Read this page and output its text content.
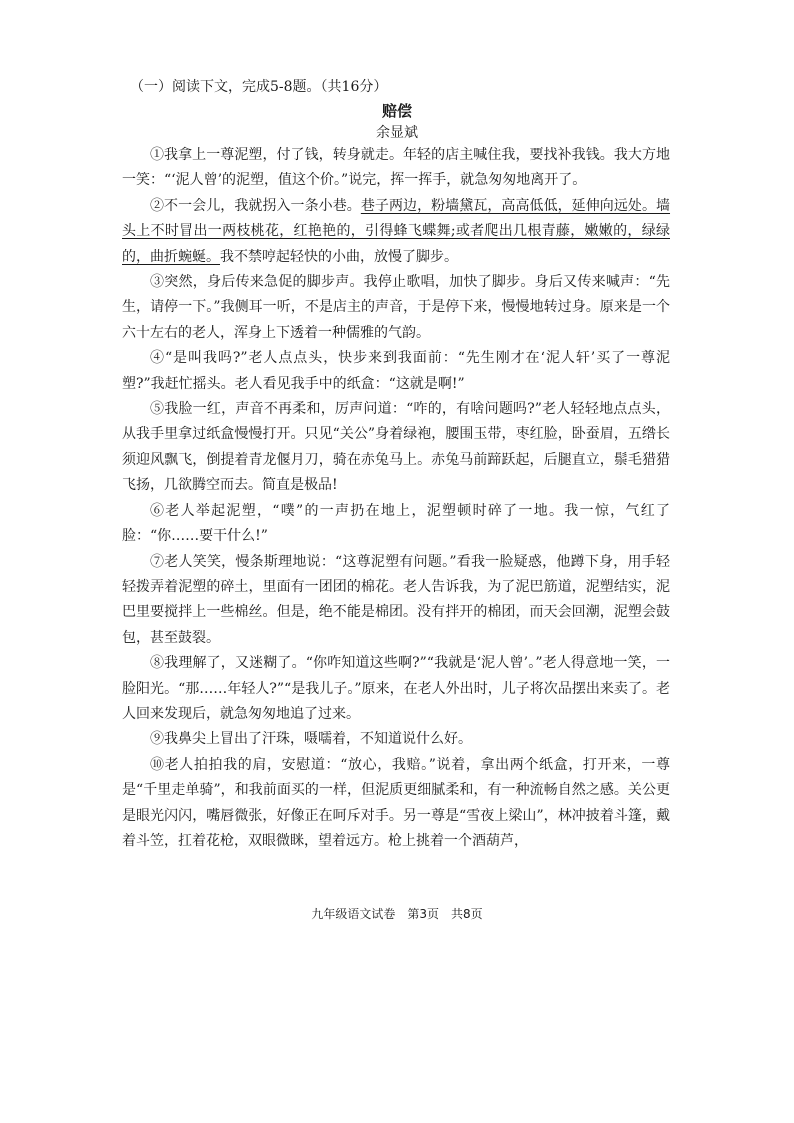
（一）阅读下文，完成5-8题。（共16分）
赔偿
余显斌

①我拿上一尊泥塑，付了钱，转身就走。年轻的店主喊住我，要找补我钱。我大方地一笑：“‘泥人曾’的泥塑，值这个价。”说完，挥一挥手，就急匆匆地离开了。

②不一会儿，我就拐入一条小巷。巷子两边，粉墙黛瓦，高高低低，延伸向远处。墙头上不时冒出一两枝桃花，红艳艳的，引得蜂飞蝶舞;或者爬出几根青藤，嫩嫩的，绿绿的，曲折蜿蜒。我不禁哼起轻快的小曲，放慢了脚步。

③突然，身后传来急促的脚步声。我停止歌唱，加快了脚步。身后又传来喊声：“先生，请停一下。”我侧耳一听，不是店主的声音，于是停下来，慢慢地转过身。原来是一个六十左右的老人，浑身上下透着一种儒雅的气韵。

④“是叫我吗?”老人点点头，快步来到我面前：“先生刚才在‘泥人轩’买了一尊泥塑?”我赶忙摇头。老人看见我手中的纸盒：“这就是啊!”

⑤我脸一红，声音不再柔和，厉声问道：“咋的，有啥问题吗?”老人轻轻地点点头，从我手里拿过纸盒慢慢打开。只见“关公”身着绿袍，腰围玉带，枣红脸，卧蚕眉，五绺长须迎风飘飞，倒提着青龙偃月刀，骑在赤兔马上。赤兔马前蹄跃起，后腿直立，鬃毛猎猎飞扬，几欲腾空而去。简直是极品!

⑥老人举起泥塑，“噗”的一声扔在地上，泥塑顿时碎了一地。我一惊，气红了脸：“你……要干什么!”

⑦老人笑笑，慢条斯理地说：“这尊泥塑有问题。”看我一脸疑惑，他蹲下身，用手轻轻拨弄着泥塑的碎土，里面有一团团的棉花。老人告诉我，为了泥巴筋道，泥塑结实，泥巴里要搅拌上一些棉丝。但是，绝不能是棉团。没有拌开的棉团，而天会回潮，泥塑会鼓包，甚至鼓裂。

⑧我理解了，又迷糊了。“你咋知道这些啊?”“我就是‘泥人曾’。”老人得意地一笑，一脸阳光。“那……年轻人?”“是我儿子。”原来，在老人外出时，儿子将次品摆出来卖了。老人回来发现后，就急匆匆地追了过来。

⑨我鼻尖上冒出了汗珠，嗫嚅着，不知道说什么好。

⑩老人拍拍我的肩，安慰道：“放心，我赔。”说着，拿出两个纸盒，打开来，一尊是“千里走单骑”，和我前面买的一样，但泥质更细腻柔和，有一种流畅自然之感。关公更是眼光闪闪，嘴唇微张，好像正在呵斥对手。另一尊是“雪夜上梁山”，林冲披着斗篷，戴着斗笠，扛着花枪，双眼微眯，望着远方。枪上挑着一个酒葫芦，

九年级语文试卷　第3页　共8页
